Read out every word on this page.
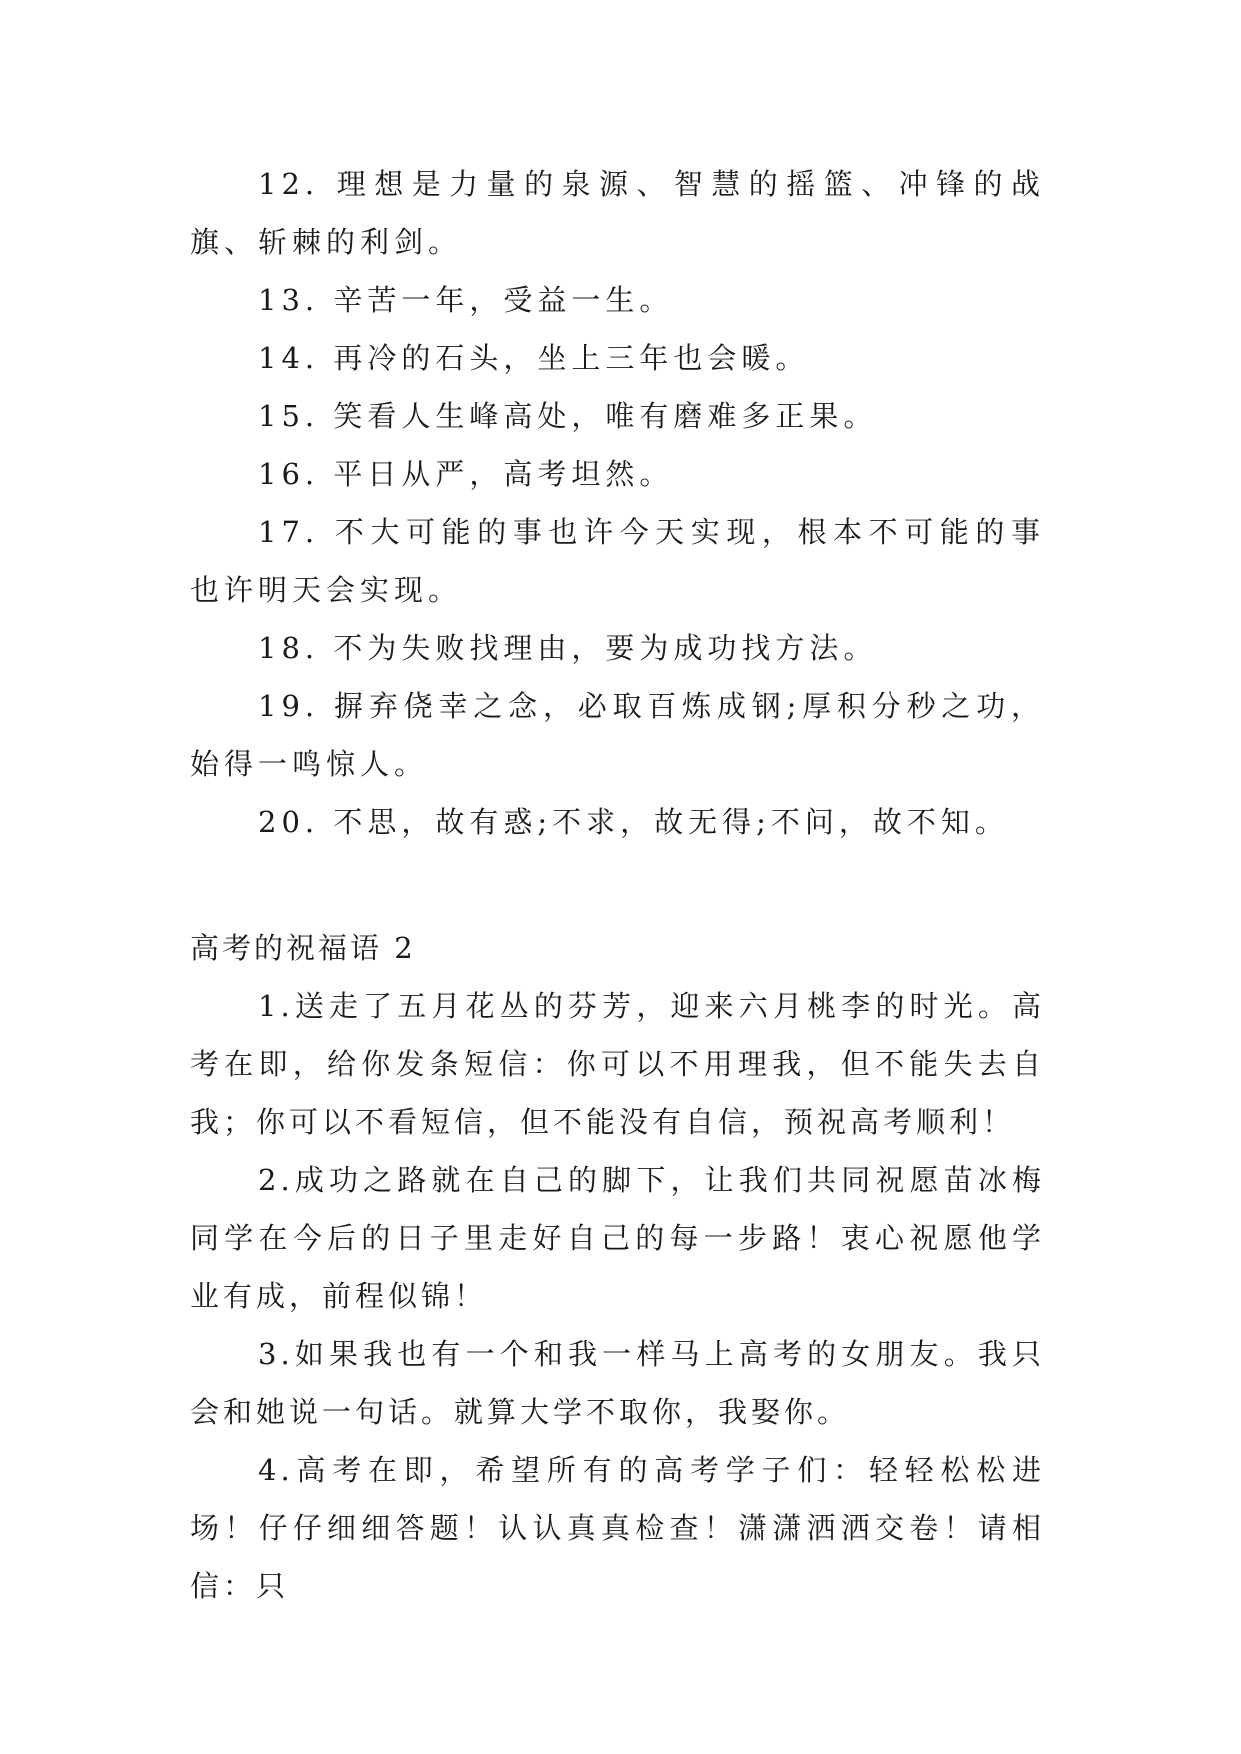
12. 理想是力量的泉源、智慧的摇篮、冲锋的战旗、斩棘的利剑。

13. 辛苦一年，受益一生。

14. 再冷的石头，坐上三年也会暖。

15. 笑看人生峰高处，唯有磨难多正果。

16. 平日从严，高考坦然。

17. 不大可能的事也许今天实现，根本不可能的事也许明天会实现。

18. 不为失败找理由，要为成功找方法。

19. 摒弃侥幸之念，必取百炼成钢;厚积分秒之功，始得一鸣惊人。

20. 不思，故有惑;不求，故无得;不问，故不知。

高考的祝福语 2

1.送走了五月花丛的芬芳，迎来六月桃李的时光。高考在即，给你发条短信：你可以不用理我，但不能失去自我；你可以不看短信，但不能没有自信，预祝高考顺利！

2.成功之路就在自己的脚下，让我们共同祝愿苗冰梅同学在今后的日子里走好自己的每一步路！衷心祝愿他学业有成，前程似锦！

3.如果我也有一个和我一样马上高考的女朋友。我只会和她说一句话。就算大学不取你，我娶你。

4.高考在即，希望所有的高考学子们：轻轻松松进场！仔仔细细答题！认认真真检查！潇潇洒洒交卷！请相信：只
